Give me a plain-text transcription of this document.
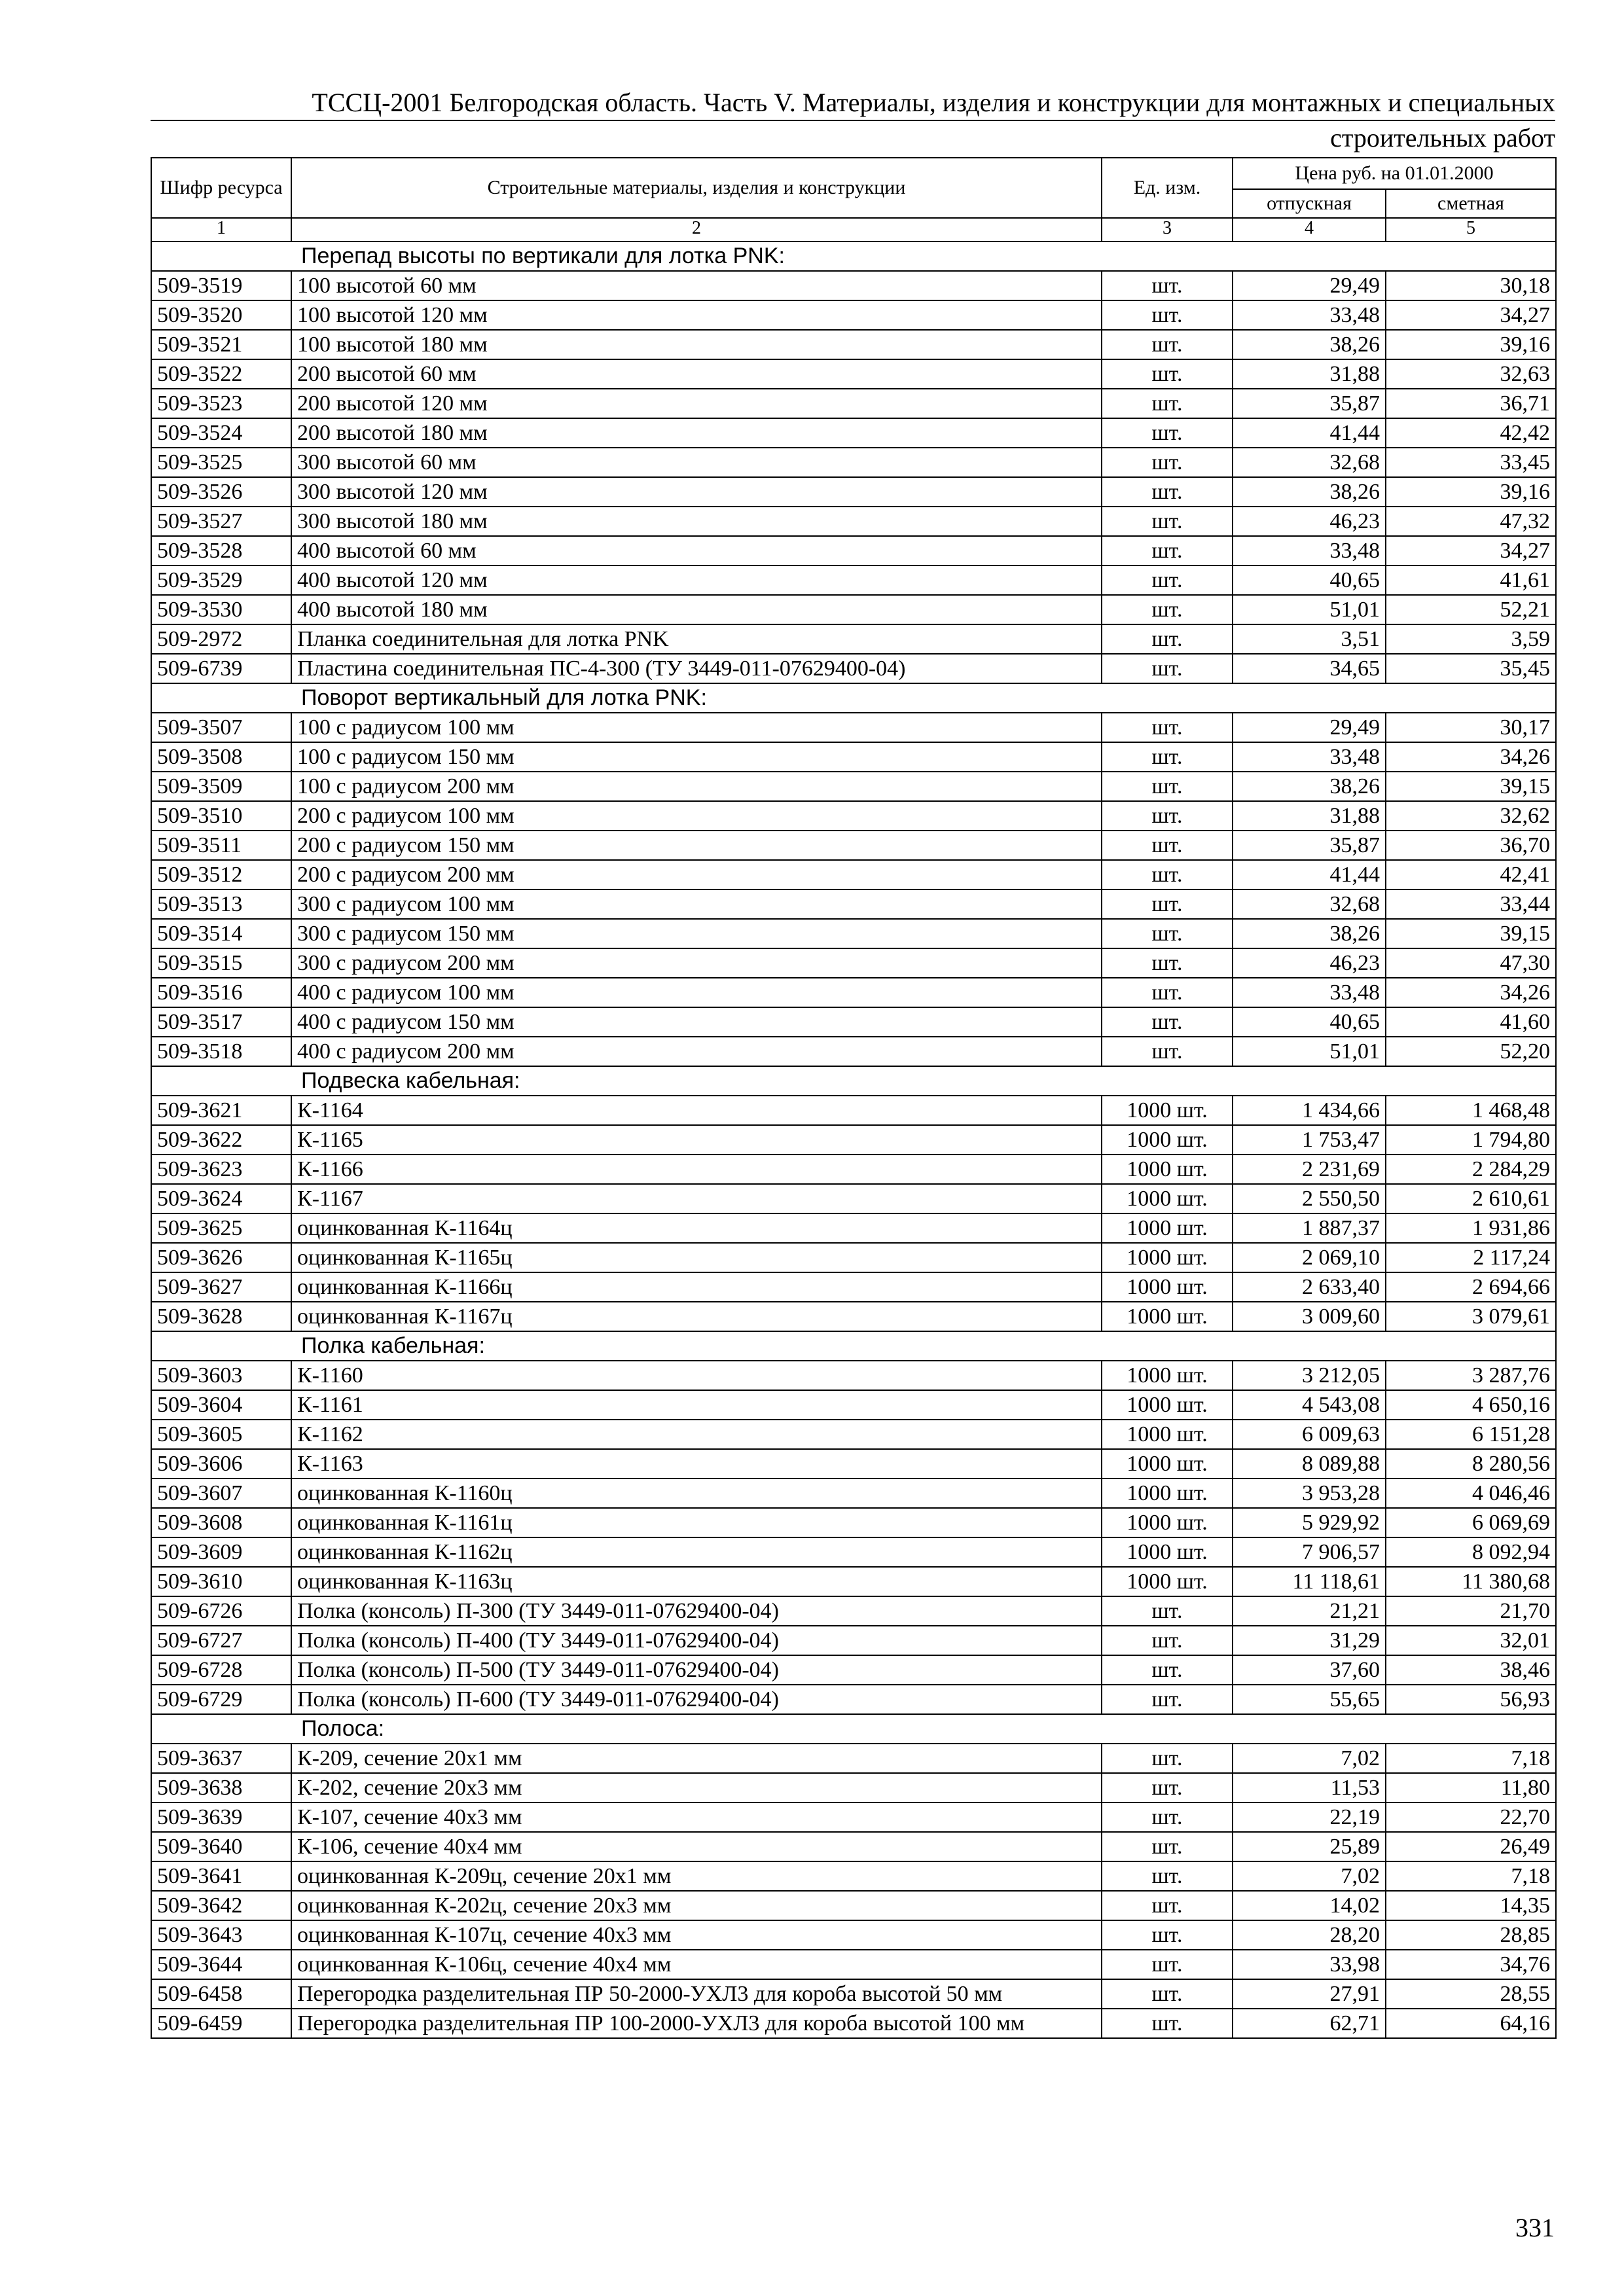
ТССЦ-2001 Белгородская область. Часть V. Материалы, изделия и конструкции для монтажных и специальных
строительных работ
Шифр ресурса	Строительные материалы, изделия и конструкции	Ед. изм.	Цена руб. на 01.01.2000	
			отпускная	сметная
1	2	3	4	5
Перепад высоты по вертикали для лотка PNK:				
509-3519	100 высотой 60 мм	шт.	29,49	30,18
509-3520	100 высотой 120 мм	шт.	33,48	34,27
509-3521	100 высотой 180 мм	шт.	38,26	39,16
509-3522	200 высотой 60 мм	шт.	31,88	32,63
509-3523	200 высотой 120 мм	шт.	35,87	36,71
509-3524	200 высотой 180 мм	шт.	41,44	42,42
509-3525	300 высотой 60 мм	шт.	32,68	33,45
509-3526	300 высотой 120 мм	шт.	38,26	39,16
509-3527	300 высотой 180 мм	шт.	46,23	47,32
509-3528	400 высотой 60 мм	шт.	33,48	34,27
509-3529	400 высотой 120 мм	шт.	40,65	41,61
509-3530	400 высотой 180 мм	шт.	51,01	52,21
509-2972	Планка соединительная для лотка PNK	шт.	3,51	3,59
509-6739	Пластина соединительная ПС-4-300 (ТУ 3449-011-07629400-04)	шт.	34,65	35,45
Поворот вертикальный для лотка PNK:				
509-3507	100 с радиусом 100 мм	шт.	29,49	30,17
509-3508	100 с радиусом 150 мм	шт.	33,48	34,26
509-3509	100 с радиусом 200 мм	шт.	38,26	39,15
509-3510	200 с радиусом 100 мм	шт.	31,88	32,62
509-3511	200 с радиусом 150 мм	шт.	35,87	36,70
509-3512	200 с радиусом 200 мм	шт.	41,44	42,41
509-3513	300 с радиусом 100 мм	шт.	32,68	33,44
509-3514	300 с радиусом 150 мм	шт.	38,26	39,15
509-3515	300 с радиусом 200 мм	шт.	46,23	47,30
509-3516	400 с радиусом 100 мм	шт.	33,48	34,26
509-3517	400 с радиусом 150 мм	шт.	40,65	41,60
509-3518	400 с радиусом 200 мм	шт.	51,01	52,20
Подвеска кабельная:				
509-3621	К-1164	1000 шт.	1 434,66	1 468,48
509-3622	К-1165	1000 шт.	1 753,47	1 794,80
509-3623	К-1166	1000 шт.	2 231,69	2 284,29
509-3624	К-1167	1000 шт.	2 550,50	2 610,61
509-3625	оцинкованная К-1164ц	1000 шт.	1 887,37	1 931,86
509-3626	оцинкованная К-1165ц	1000 шт.	2 069,10	2 117,24
509-3627	оцинкованная К-1166ц	1000 шт.	2 633,40	2 694,66
509-3628	оцинкованная К-1167ц	1000 шт.	3 009,60	3 079,61
Полка кабельная:				
509-3603	К-1160	1000 шт.	3 212,05	3 287,76
509-3604	К-1161	1000 шт.	4 543,08	4 650,16
509-3605	К-1162	1000 шт.	6 009,63	6 151,28
509-3606	К-1163	1000 шт.	8 089,88	8 280,56
509-3607	оцинкованная К-1160ц	1000 шт.	3 953,28	4 046,46
509-3608	оцинкованная К-1161ц	1000 шт.	5 929,92	6 069,69
509-3609	оцинкованная К-1162ц	1000 шт.	7 906,57	8 092,94
509-3610	оцинкованная К-1163ц	1000 шт.	11 118,61	11 380,68
509-6726	Полка (консоль) П-300 (ТУ 3449-011-07629400-04)	шт.	21,21	21,70
509-6727	Полка (консоль) П-400 (ТУ 3449-011-07629400-04)	шт.	31,29	32,01
509-6728	Полка (консоль) П-500 (ТУ 3449-011-07629400-04)	шт.	37,60	38,46
509-6729	Полка (консоль) П-600 (ТУ 3449-011-07629400-04)	шт.	55,65	56,93
Полоса:				
509-3637	К-209, сечение 20х1 мм	шт.	7,02	7,18
509-3638	К-202, сечение 20х3 мм	шт.	11,53	11,80
509-3639	К-107, сечение 40х3 мм	шт.	22,19	22,70
509-3640	К-106, сечение 40х4 мм	шт.	25,89	26,49
509-3641	оцинкованная К-209ц, сечение 20х1 мм	шт.	7,02	7,18
509-3642	оцинкованная К-202ц, сечение 20х3 мм	шт.	14,02	14,35
509-3643	оцинкованная К-107ц, сечение 40х3 мм	шт.	28,20	28,85
509-3644	оцинкованная К-106ц, сечение 40х4 мм	шт.	33,98	34,76
509-6458	Перегородка разделительная ПР 50-2000-УХЛ3 для короба высотой 50 мм	шт.	27,91	28,55
509-6459	Перегородка разделительная ПР 100-2000-УХЛ3 для короба высотой 100 мм	шт.	62,71	64,16
331
